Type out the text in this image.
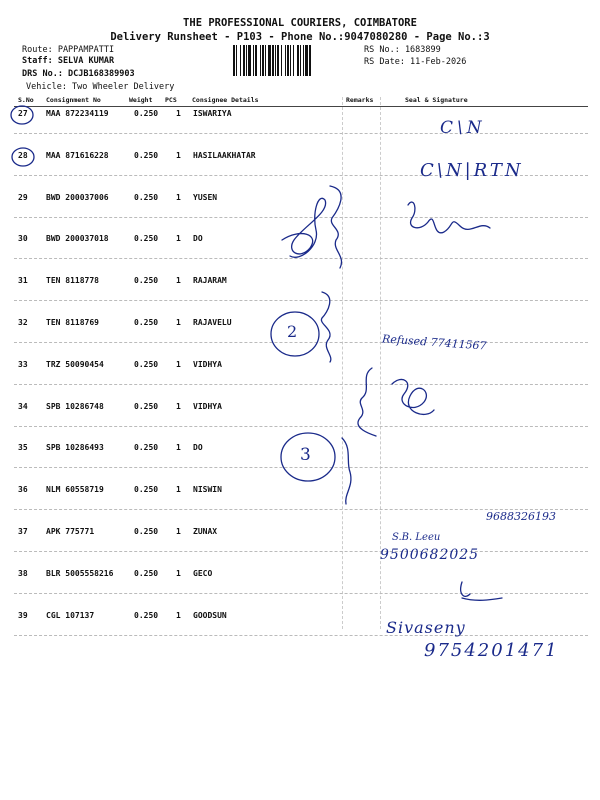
THE PROFESSIONAL COURIERS, COIMBATORE
Delivery Runsheet - P103 - Phone No.:9047080280 - Page No.:3
Route: PAPPAMPATTI
Staff: SELVA KUMAR
DRS No.: DCJB168389903
Vehicle: Two Wheeler Delivery
RS No.: 1683899
RS Date: 11-Feb-2026
S.No Consignment No	Weight PCS Consignee Details	Remarks	Seal & Signature
27 MAA 872234119	0.250 1 ISWARIYA
28 MAA 871616228	0.250 1 HASILAAKHATAR
29 BWD 200037006	0.250 1 YUSEN
30 BWD 200037018	0.250 1 DO
31 TEN 8118778	0.250 1 RAJARAM
32 TEN 8118769	0.250 1 RAJAVELU
33 TRZ 50090454	0.250 1 VIDHYA
34 SPB 10286748	0.250 1 VIDHYA
35 SPB 10286493	0.250 1 DO
36 NLM 60558719	0.250 1 NISWIN
37 APK 775771	0.250 1 ZUNAX
38 BLR 5005558216	0.250 1 GECO
39 CGL 107137	0.250 1 GOODSUN
C\N
C\N|RTN
2
3
Refused 77411567
9688326193
S.B. Leeu
9500682025
Sivaseny
9754201471
